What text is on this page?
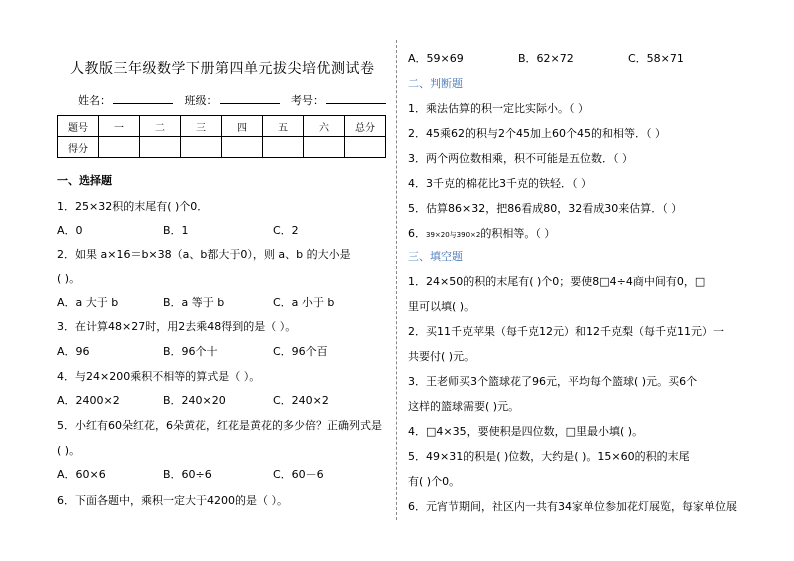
人教版三年级数学下册第四单元拔尖培优测试卷
姓名：	班级：	考号：
题号	一	二	三	四	五	六	总分
得分							
一、选择题
1．25×32积的末尾有( )个0．
A．0	B．1	C．2
2．如果 a×16＝b×38（a、b都大于0），则 a、b 的大小是
( )。
A．a 大于 b	B．a 等于 b	C．a 小于 b
3．在计算48×27时，用2去乘48得到的是（ ）。
A．96	B．96个十	C．96个百
4．与24×200乘积不相等的算式是（ ）。
A．2400×2	B．240×20	C．240×2
5．小红有60朵红花，6朵黄花，红花是黄花的多少倍？正确列式是
( )。
A．60×6	B．60÷6	C．60－6
6．下面各题中，乘积一定大于4200的是（ ）。
A．59×69	B．62×72	C．58×71
二、判断题
1．乘法估算的积一定比实际小。（ ）
2．45乘62的积与2个45加上60个45的和相等．（ ）
3．两个两位数相乘，积不可能是五位数．（ ）
4．3千克的棉花比3千克的铁轻．（ ）
5．估算86×32，把86看成80，32看成30来估算．（ ）
6．39×20与390×2的积相等。（ ）
三、填空题
1．24×50的积的末尾有( )个0；要使8□4÷4商中间有0，□
里可以填( )。
2．买11千克苹果（每千克12元）和12千克梨（每千克11元）一
共要付( )元。
3．王老师买3个篮球花了96元，平均每个篮球( )元。买6个
这样的篮球需要( )元。
4．□4×35，要使积是四位数，□里最小填( )。
5．49×31的积是( )位数，大约是( )。15×60的积的末尾
有( )个0。
6．元宵节期间，社区内一共有34家单位参加花灯展览，每家单位展
